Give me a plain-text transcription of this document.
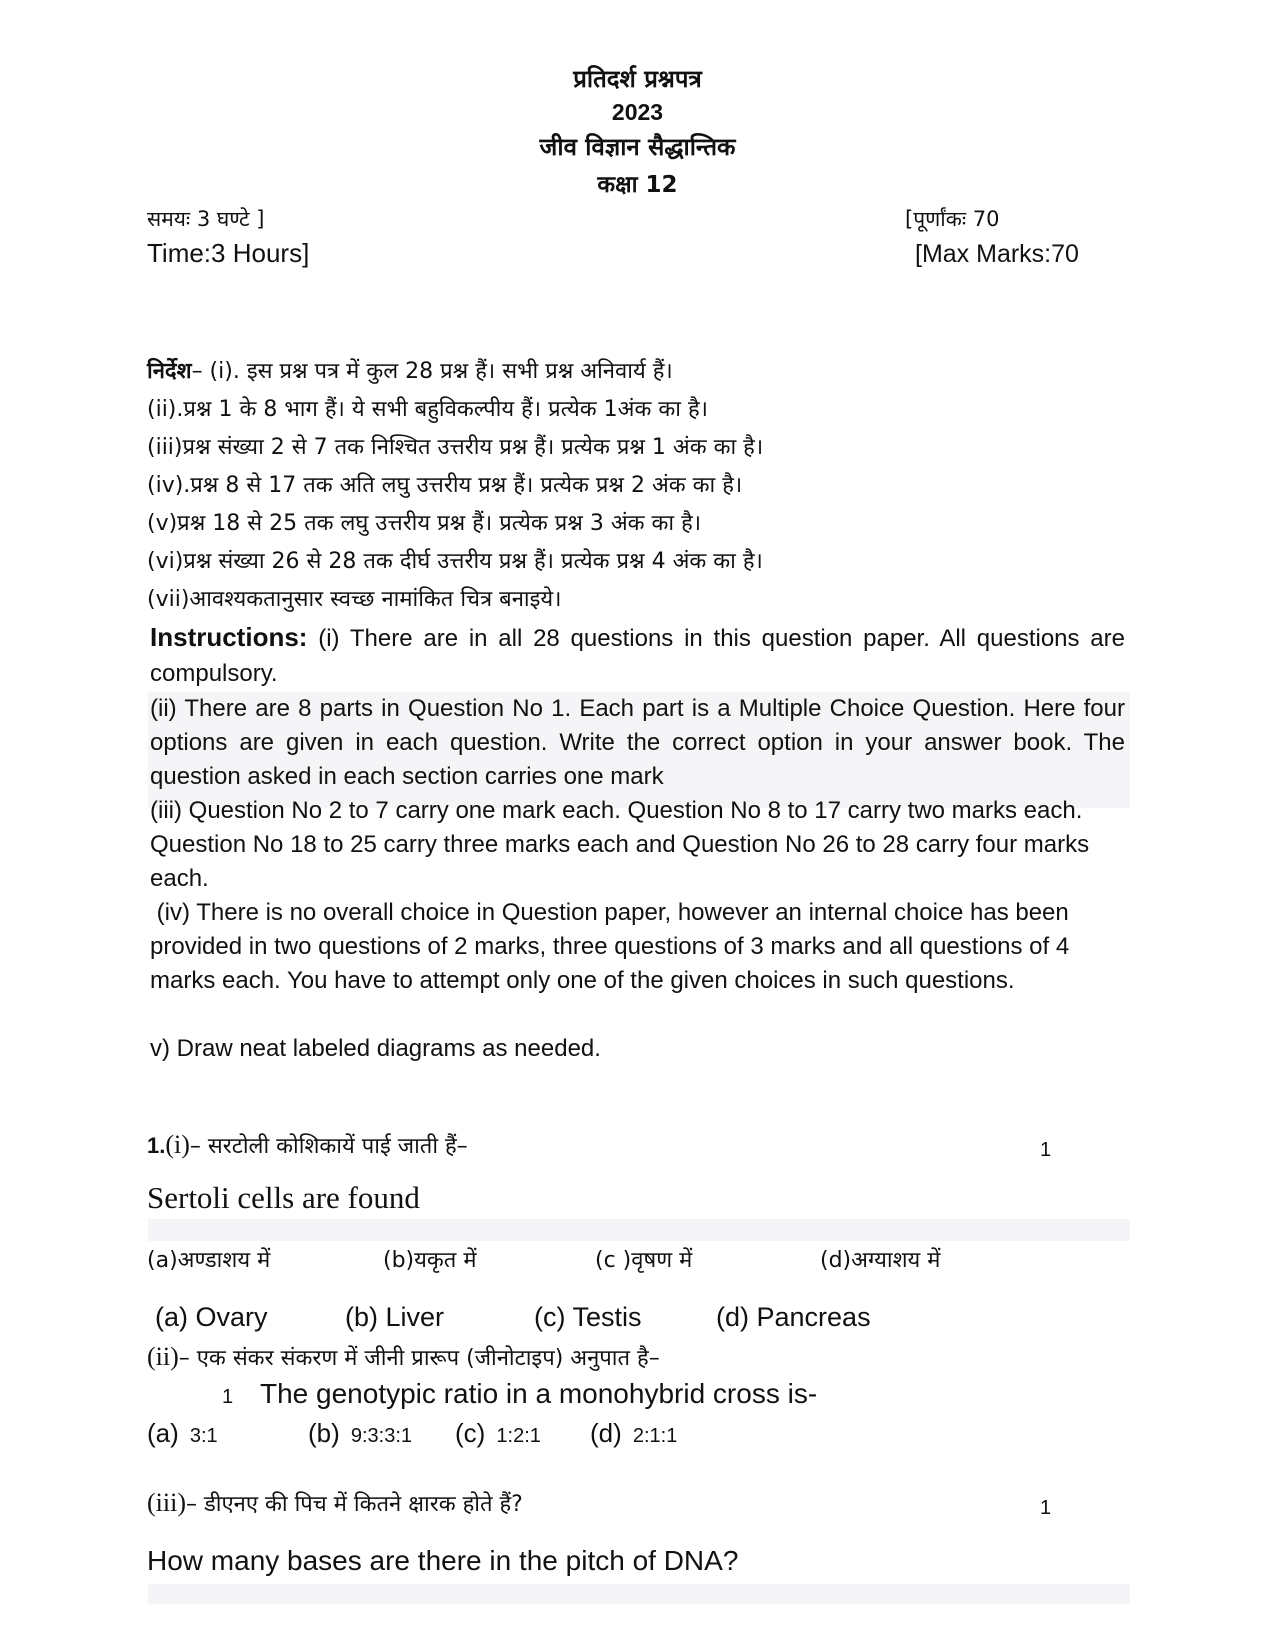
प्रतिदर्श प्रश्नपत्र
2023
जीव विज्ञान सैद्धान्तिक
कक्षा 12
समयः 3 घण्टे ]
Time:3 Hours]
[पूर्णांकः 70
[Max Marks:70
निर्देश– (i). इस प्रश्न पत्र में कुल 28 प्रश्न हैं। सभी प्रश्न अनिवार्य हैं।
(ii).प्रश्न 1 के 8 भाग हैं। ये सभी बहुविकल्पीय हैं। प्रत्येक 1अंक का है।
(iii)प्रश्न संख्या 2 से 7 तक निश्चित उत्तरीय प्रश्न हैं। प्रत्येक प्रश्न 1 अंक का है।
(iv).प्रश्न 8 से 17 तक अति लघु उत्तरीय प्रश्न हैं। प्रत्येक प्रश्न 2 अंक का है।
(v)प्रश्न 18 से 25 तक लघु उत्तरीय प्रश्न हैं। प्रत्येक प्रश्न 3 अंक का है।
(vi)प्रश्न संख्या 26 से 28 तक दीर्घ उत्तरीय प्रश्न हैं। प्रत्येक प्रश्न 4 अंक का है।
(vii)आवश्यकतानुसार स्वच्छ नामांकित चित्र बनाइये।
Instructions: (i) There are in all 28 questions in this question paper. All questions are compulsory.
(ii) There are 8 parts in Question No 1. Each part is a Multiple Choice Question. Here four options are given in each question. Write the correct option in your answer book. The question asked in each section carries one mark
(iii) Question No 2 to 7 carry one mark each. Question No 8 to 17 carry two marks each. Question No 18 to 25 carry three marks each and Question No 26 to 28 carry four marks each.
(iv) There is no overall choice in Question paper, however an internal choice has been provided in two questions of 2 marks, three questions of 3 marks and all questions of 4 marks each. You have to attempt only one of the given choices in such questions.
v) Draw neat labeled diagrams as needed.
1.(i)– सरटोली कोशिकायें पाई जाती हैं–	1
Sertoli cells are found
(a)अण्डाशय में	(b)यकृत में	(c )वृषण में	(d)अग्याशय में
(a) Ovary	(b) Liver	(c) Testis	(d) Pancreas
(ii)– एक संकर संकरण में जीनी प्रारूप (जीनोटाइप) अनुपात है–
1 The genotypic ratio in a monohybrid cross is-
(a) 3:1	(b) 9:3:3:1 (c) 1:2:1 (d) 2:1:1
(iii)– डीएनए की पिच में कितने क्षारक होते हैं?	1
How many bases are there in the pitch of DNA?
